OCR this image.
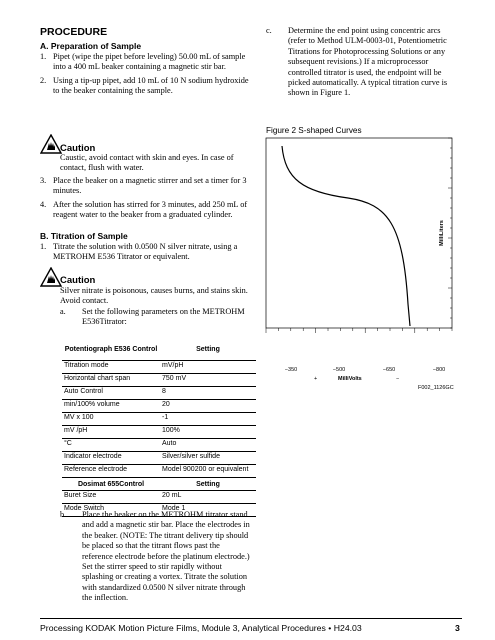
PROCEDURE
A. Preparation of Sample
1. Pipet (wipe the pipet before leveling) 50.00 mL of sample into a 400 mL beaker containing a magnetic stir bar.
2. Using a tip-up pipet, add 10 mL of 10 N sodium hydroxide to the beaker containing the sample.
Caution
Caustic, avoid contact with skin and eyes. In case of contact, flush with water.
3. Place the beaker on a magnetic stirrer and set a timer for 3 minutes.
4. After the solution has stirred for 3 minutes, add 250 mL of reagent water to the beaker from a graduated cylinder.
B. Titration of Sample
1. Titrate the solution with 0.0500 N silver nitrate, using a METROHM E536 Titrator or equivalent.
Caution
Silver nitrate is poisonous, causes burns, and stains skin. Avoid contact.
a.	Set the following parameters on the METROHM E536Titrator:
Potentiograph E536 Control	Setting
Titration mode	mV/pH
Horizontal chart span	750 mV
Auto Control	8
min/100% volume	20
MV x 100	-1
mV /pH	100%
°C	Auto
Indicator electrode	Silver/silver sulfide
Reference electrode	Model 900200 or equivalent
Dosimat 655Control	Setting
Buret Size	20 mL
Mode Switch	Mode 1
b.	Place the beaker on the METROHM titrator stand and add a magnetic stir bar. Place the electrodes in the beaker. (NOTE: The titrant delivery tip should be placed so that the titrant flows past the reference electrode before the platinum electrode.) Set the stirrer speed to stir rapidly without splashing or creating a vortex. Titrate the solution with standardized 0.0500 N silver nitrate through the inflection.
c.	Determine the end point using concentric arcs (refer to Method ULM-0003-01, Potentiometric Titrations for Photoprocessing Solutions or any subsequent revisions.) If a microprocessor controlled titrator is used, the endpoint will be picked automatically. A typical titration curve is shown in Figure 1.
Figure 2 S-shaped Curves
MilliLiters
−350	−500	−650	−800
+	MilliVolts	−
F002_1126GC
Processing KODAK Motion Picture Films, Module 3, Analytical Procedures • H24.03	3
